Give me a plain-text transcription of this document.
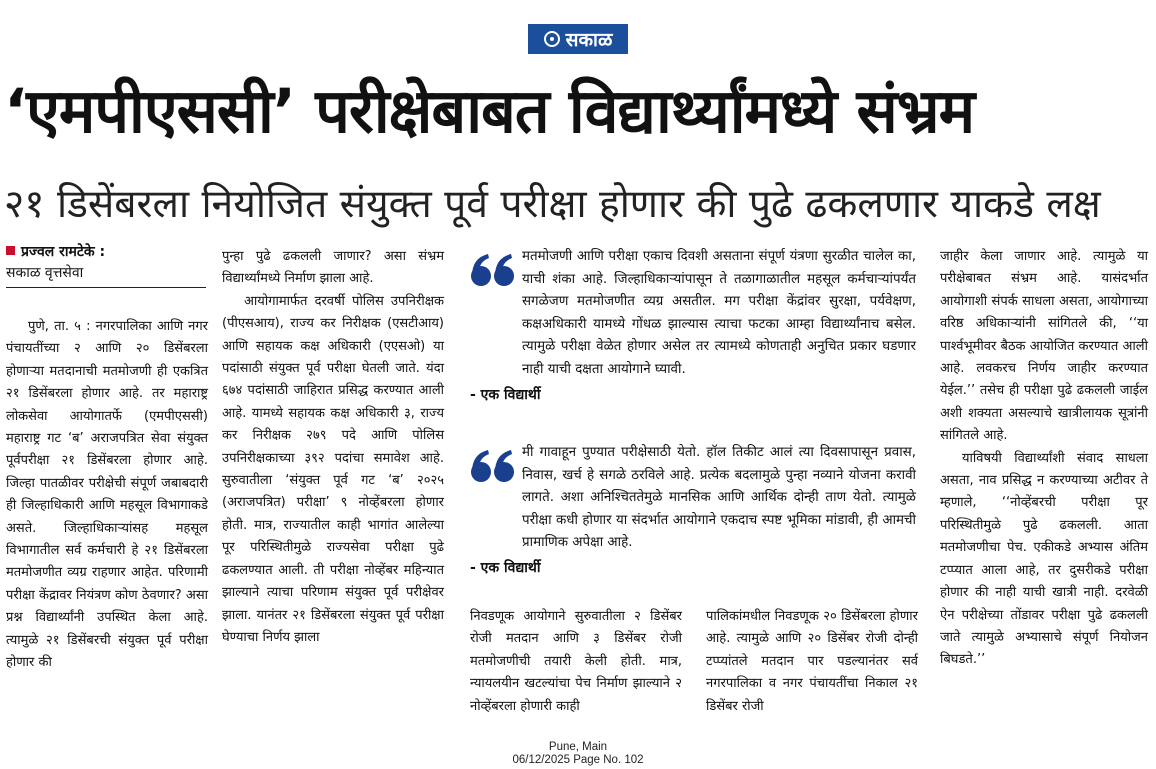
सकाळ
‘एमपीएससी’ परीक्षेबाबत विद्यार्थ्यांमध्ये संभ्रम
२१ डिसेंबरला नियोजित संयुक्त पूर्व परीक्षा होणार की पुढे ढकलणार याकडे लक्ष
प्रज्वल रामटेके :
सकाळ वृत्तसेवा

पुणे, ता. ५ : नगरपालिका आणि नगर पंचायतींच्या २ आणि २० डिसेंबरला होणाऱ्या मतदानाची मतमोजणी ही एकत्रित २१ डिसेंबरला होणार आहे. तर महाराष्ट्र लोकसेवा आयोगातर्फे (एमपीएससी) महाराष्ट्र गट ‘ब’ अराजपत्रित सेवा संयुक्त पूर्वपरीक्षा २१ डिसेंबरला होणार आहे. जिल्हा पातळीवर परीक्षेची संपूर्ण जबाबदारी ही जिल्हाधिकारी आणि महसूल विभागाकडे असते. जिल्हाधिकाऱ्यांसह महसूल विभागातील सर्व कर्मचारी हे २१ डिसेंबरला मतमोजणीत व्यग्र राहणार आहेत. परिणामी परीक्षा केंद्रावर नियंत्रण कोण ठेवणार? असा प्रश्न विद्यार्थ्यांनी उपस्थित केला आहे. त्यामुळे २१ डिसेंबरची संयुक्त पूर्व परीक्षा होणार की

पुन्हा पुढे ढकलली जाणार? असा संभ्रम विद्यार्थ्यांमध्ये निर्माण झाला आहे.

आयोगामार्फत दरवर्षी पोलिस उपनिरीक्षक (पीएसआय), राज्य कर निरीक्षक (एसटीआय) आणि सहायक कक्ष अधिकारी (एएसओ) या पदांसाठी संयुक्त पूर्व परीक्षा घेतली जाते. यंदा ६७४ पदांसाठी जाहिरात प्रसिद्ध करण्यात आली आहे. यामध्ये सहायक कक्ष अधिकारी ३, राज्य कर निरीक्षक २७९ पदे आणि पोलिस उपनिरीक्षकाच्या ३९२ पदांचा समावेश आहे. सुरुवातीला ‘संयुक्त पूर्व गट ‘ब’ २०२५ (अराजपत्रित) परीक्षा’ ९ नोव्हेंबरला होणार होती. मात्र, राज्यातील काही भागांत आलेल्या पूर परिस्थितीमुळे राज्यसेवा परीक्षा पुढे ढकलण्यात आली. ती परीक्षा नोव्हेंबर महिन्यात झाल्याने त्याचा परिणाम संयुक्त पूर्व परीक्षेवर झाला. यानंतर २१ डिसेंबरला संयुक्त पूर्व परीक्षा घेण्याचा निर्णय झाला

मतमोजणी आणि परीक्षा एकाच दिवशी असताना संपूर्ण यंत्रणा सुरळीत चालेल का, याची शंका आहे. जिल्हाधिकाऱ्यांपासून ते तळागाळातील महसूल कर्मचाऱ्यांपर्यंत सगळेजण मतमोजणीत व्यग्र असतील. मग परीक्षा केंद्रांवर सुरक्षा, पर्यवेक्षण, कक्षअधिकारी यामध्ये गोंधळ झाल्यास त्याचा फटका आम्हा विद्यार्थ्यांनाच बसेल. त्यामुळे परीक्षा वेळेत होणार असेल तर त्यामध्ये कोणताही अनुचित प्रकार घडणार नाही याची दक्षता आयोगाने घ्यावी.

- एक विद्यार्थी

मी गावाहून पुण्यात परीक्षेसाठी येतो. हॉल तिकीट आलं त्या दिवसापासून प्रवास, निवास, खर्च हे सगळे ठरविले आहे. प्रत्येक बदलामुळे पुन्हा नव्याने योजना करावी लागते. अशा अनिश्चिततेमुळे मानसिक आणि आर्थिक दोन्ही ताण येतो. त्यामुळे परीक्षा कधी होणार या संदर्भात आयोगाने एकदाच स्पष्ट भूमिका मांडावी, ही आमची प्रामाणिक अपेक्षा आहे.

- एक विद्यार्थी

निवडणूक आयोगाने सुरुवातीला २ डिसेंबर रोजी मतदान आणि ३ डिसेंबर रोजी मतमोजणीची तयारी केली होती. मात्र, न्यायलयीन खटल्यांचा पेच निर्माण झाल्याने २ नोव्हेंबरला होणारी काही

पालिकांमधील निवडणूक २० डिसेंबरला होणार आहे. त्यामुळे आणि २० डिसेंबर रोजी दोन्ही टप्प्यांतले मतदान पार पडल्यानंतर सर्व नगरपालिका व नगर पंचायतींचा निकाल २१ डिसेंबर रोजी

जाहीर केला जाणार आहे. त्यामुळे या परीक्षेबाबत संभ्रम आहे. यासंदर्भात आयोगाशी संपर्क साधला असता, आयोगाच्या वरिष्ठ अधिकाऱ्यांनी सांगितले की, ‘‘या पार्श्वभूमीवर बैठक आयोजित करण्यात आली आहे. लवकरच निर्णय जाहीर करण्यात येईल.’’ तसेच ही परीक्षा पुढे ढकलली जाईल अशी शक्यता असल्याचे खात्रीलायक सूत्रांनी सांगितले आहे.

याविषयी विद्यार्थ्यांशी संवाद साधला असता, नाव प्रसिद्ध न करण्याच्या अटीवर ते म्हणाले, ‘‘नोव्हेंबरची परीक्षा पूर परिस्थितीमुळे पुढे ढकलली. आता मतमोजणीचा पेच. एकीकडे अभ्यास अंतिम टप्प्यात आला आहे, तर दुसरीकडे परीक्षा होणार की नाही याची खात्री नाही. दरवेळी ऐन परीक्षेच्या तोंडावर परीक्षा पुढे ढकलली जाते त्यामुळे अभ्यासाचे संपूर्ण नियोजन बिघडते.’’

Pune, Main
06/12/2025 Page No. 102
